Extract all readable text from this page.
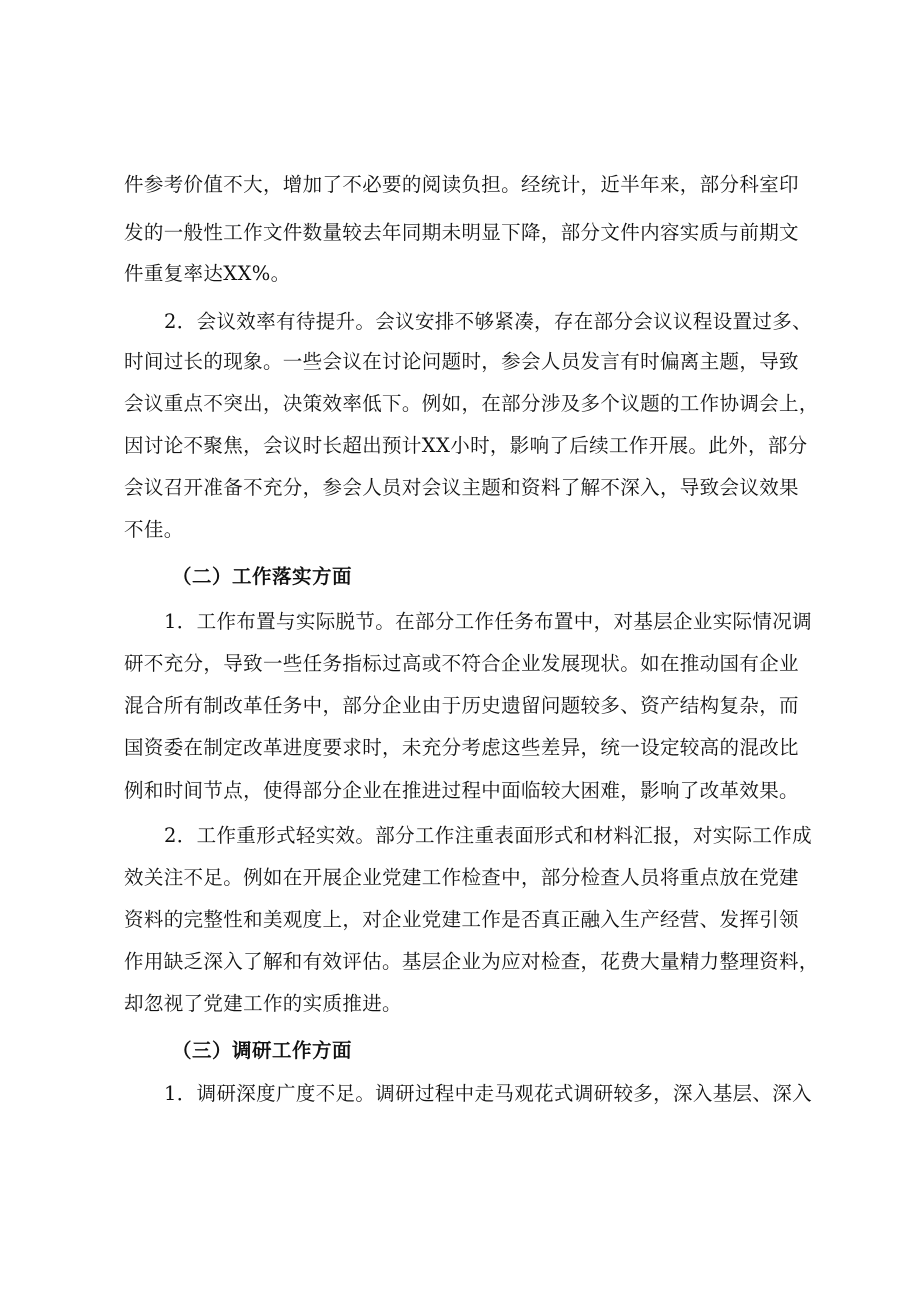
件参考价值不大，增加了不必要的阅读负担。经统计，近半年来，部分科室印
发的一般性工作文件数量较去年同期未明显下降，部分文件内容实质与前期文
件重复率达XX%。
2．会议效率有待提升。会议安排不够紧凑，存在部分会议议程设置过多、
时间过长的现象。一些会议在讨论问题时，参会人员发言有时偏离主题，导致
会议重点不突出，决策效率低下。例如，在部分涉及多个议题的工作协调会上，
因讨论不聚焦，会议时长超出预计XX小时，影响了后续工作开展。此外，部分
会议召开准备不充分，参会人员对会议主题和资料了解不深入，导致会议效果
不佳。
（二）工作落实方面
1．工作布置与实际脱节。在部分工作任务布置中，对基层企业实际情况调
研不充分，导致一些任务指标过高或不符合企业发展现状。如在推动国有企业
混合所有制改革任务中，部分企业由于历史遗留问题较多、资产结构复杂，而
国资委在制定改革进度要求时，未充分考虑这些差异，统一设定较高的混改比
例和时间节点，使得部分企业在推进过程中面临较大困难，影响了改革效果。
2．工作重形式轻实效。部分工作注重表面形式和材料汇报，对实际工作成
效关注不足。例如在开展企业党建工作检查中，部分检查人员将重点放在党建
资料的完整性和美观度上，对企业党建工作是否真正融入生产经营、发挥引领
作用缺乏深入了解和有效评估。基层企业为应对检查，花费大量精力整理资料，
却忽视了党建工作的实质推进。
（三）调研工作方面
1．调研深度广度不足。调研过程中走马观花式调研较多，深入基层、深入
